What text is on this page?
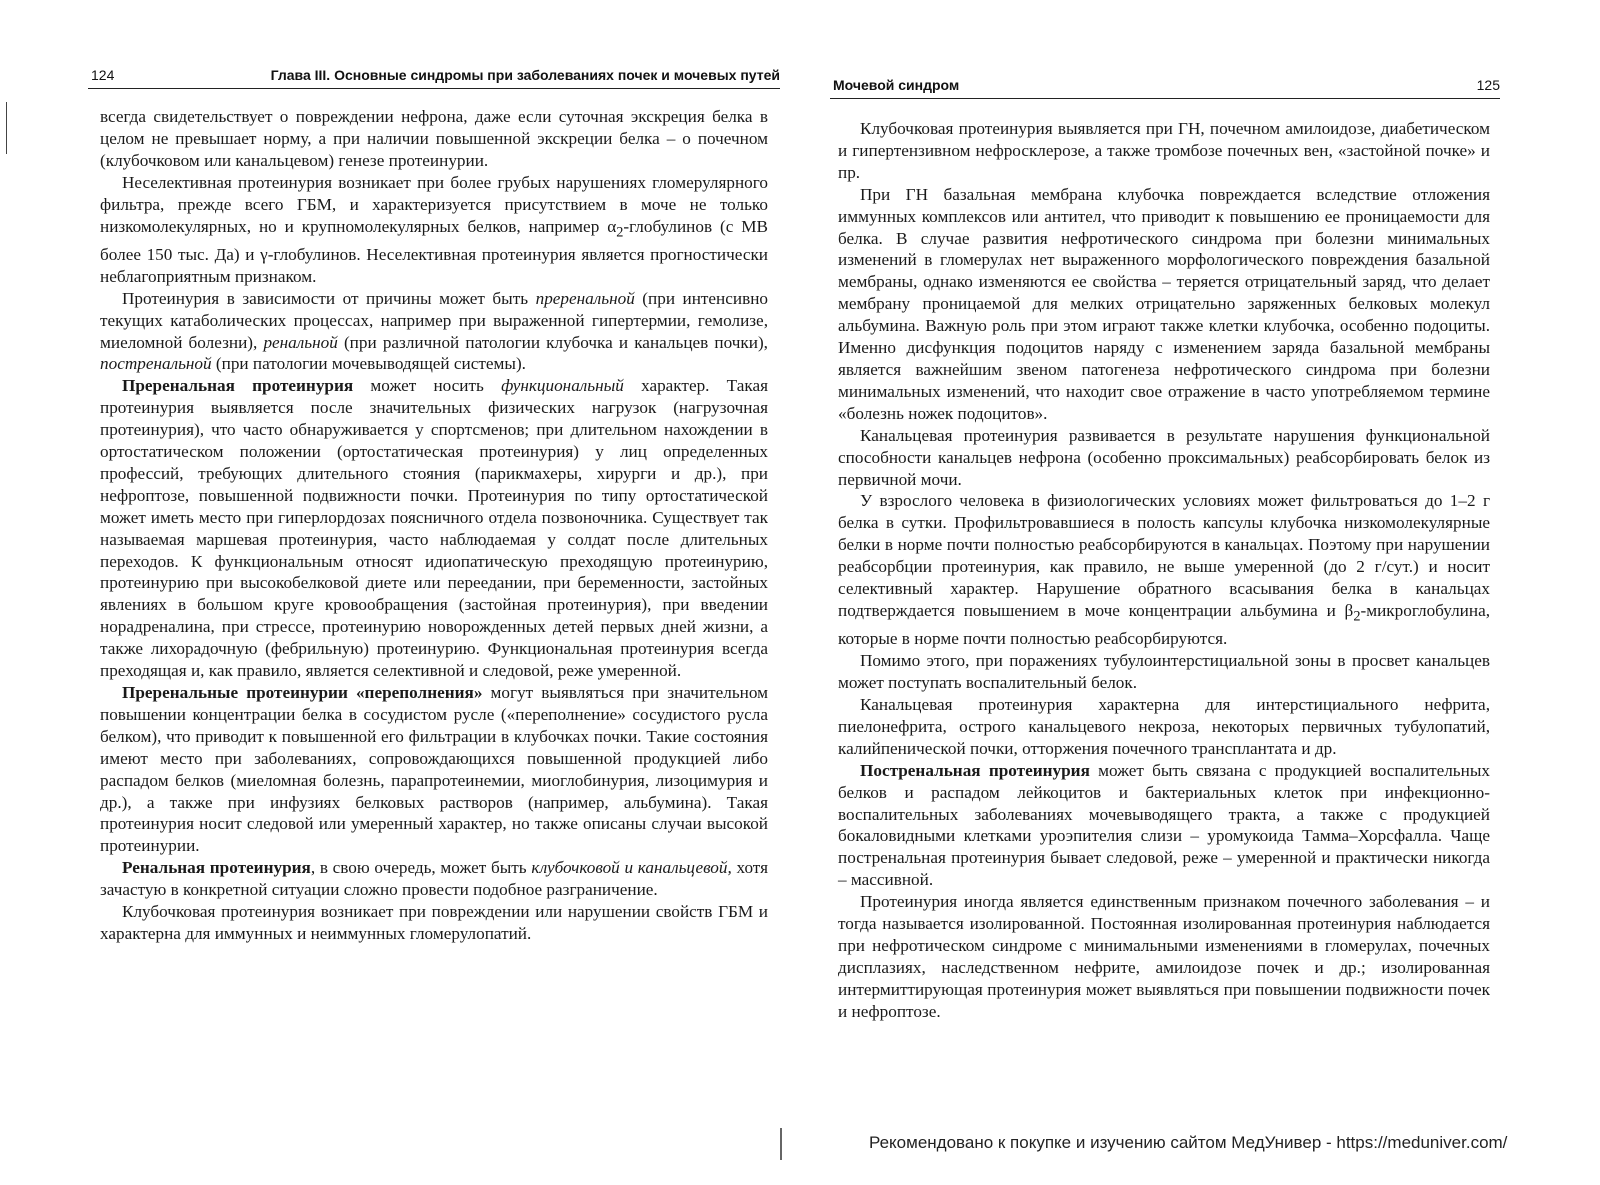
124	Глава III. Основные синдромы при заболеваниях почек и мочевых путей

всегда свидетельствует о повреждении нефрона, даже если суточная экскреция белка в целом не превышает норму, а при наличии повышенной экскреции белка – о почечном (клубочковом или канальцевом) генезе протеинурии.

Неселективная протеинурия возникает при более грубых нарушениях гломерулярного фильтра, прежде всего ГБМ, и характеризуется присутствием в моче не только низкомолекулярных, но и крупномолекулярных белков, например $\alpha_2$-глобулинов (с МВ более 150 тыс. Да) и γ-глобулинов. Неселективная протеинурия является прогностически неблагоприятным признаком.

Протеинурия в зависимости от причины может быть преренальной (при интенсивно текущих катаболических процессах, например при выраженной гипертермии, гемолизе, миеломной болезни), ренальной (при различной патологии клубочка и канальцев почки), постренальной (при патологии мочевыводящей системы).

Преренальная протеинурия может носить функциональный характер. Такая протеинурия выявляется после значительных физических нагрузок (нагрузочная протеинурия), что часто обнаруживается у спортсменов; при длительном нахождении в ортостатическом положении (ортостатическая протеинурия) у лиц определенных профессий, требующих длительного стояния (парикмахеры, хирурги и др.), при нефроптозе, повышенной подвижности почки. Протеинурия по типу ортостатической может иметь место при гиперлордозах поясничного отдела позвоночника. Существует так называемая маршевая протеинурия, часто наблюдаемая у солдат после длительных переходов. К функциональным относят идиопатическую преходящую протеинурию, протеинурию при высокобелковой диете или переедании, при беременности, застойных явлениях в большом круге кровообращения (застойная протеинурия), при введении норадреналина, при стрессе, протеинурию новорожденных детей первых дней жизни, а также лихорадочную (фебрильную) протеинурию. Функциональная протеинурия всегда преходящая и, как правило, является селективной и следовой, реже умеренной.

Преренальные протеинурии «переполнения» могут выявляться при значительном повышении концентрации белка в сосудистом русле («переполнение» сосудистого русла белком), что приводит к повышенной его фильтрации в клубочках почки. Такие состояния имеют место при заболеваниях, сопровождающихся повышенной продукцией либо распадом белков (миеломная болезнь, парапротеинемии, миоглобинурия, лизоцимурия и др.), а также при инфузиях белковых растворов (например, альбумина). Такая протеинурия носит следовой или умеренный характер, но также описаны случаи высокой протеинурии.

Ренальная протеинурия, в свою очередь, может быть клубочковой и канальцевой, хотя зачастую в конкретной ситуации сложно провести подобное разграничение.

Клубочковая протеинурия возникает при повреждении или нарушении свойств ГБМ и характерна для иммунных и неиммунных гломерулопатий.

Мочевой синдром	125

Клубочковая протеинурия выявляется при ГН, почечном амилоидозе, диабетическом и гипертензивном нефросклерозе, а также тромбозе почечных вен, «застойной почке» и пр.

При ГН базальная мембрана клубочка повреждается вследствие отложения иммунных комплексов или антител, что приводит к повышению ее проницаемости для белка. В случае развития нефротического синдрома при болезни минимальных изменений в гломерулах нет выраженного морфологического повреждения базальной мембраны, однако изменяются ее свойства – теряется отрицательный заряд, что делает мембрану проницаемой для мелких отрицательно заряженных белковых молекул альбумина. Важную роль при этом играют также клетки клубочка, особенно подоциты. Именно дисфункция подоцитов наряду с изменением заряда базальной мембраны является важнейшим звеном патогенеза нефротического синдрома при болезни минимальных изменений, что находит свое отражение в часто употребляемом термине «болезнь ножек подоцитов».

Канальцевая протеинурия развивается в результате нарушения функциональной способности канальцев нефрона (особенно проксимальных) реабсорбировать белок из первичной мочи.

У взрослого человека в физиологических условиях может фильтроваться до 1–2 г белка в сутки. Профильтровавшиеся в полость капсулы клубочка низкомолекулярные белки в норме почти полностью реабсорбируются в канальцах. Поэтому при нарушении реабсорбции протеинурия, как правило, не выше умеренной (до 2 г/сут.) и носит селективный характер. Нарушение обратного всасывания белка в канальцах подтверждается повышением в моче концентрации альбумина и $\beta_2$-микроглобулина, которые в норме почти полностью реабсорбируются.

Помимо этого, при поражениях тубулоинтерстициальной зоны в просвет канальцев может поступать воспалительный белок.

Канальцевая протеинурия характерна для интерстициального нефрита, пиелонефрита, острого канальцевого некроза, некоторых первичных тубулопатий, калийпенической почки, отторжения почечного трансплантата и др.

Постренальная протеинурия может быть связана с продукцией воспалительных белков и распадом лейкоцитов и бактериальных клеток при инфекционно-воспалительных заболеваниях мочевыводящего тракта, а также с продукцией бокаловидными клетками уроэпителия слизи – уромукоида Тамма–Хорсфалла. Чаще постренальная протеинурия бывает следовой, реже – умеренной и практически никогда – массивной.

Протеинурия иногда является единственным признаком почечного заболевания – и тогда называется изолированной. Постоянная изолированная протеинурия наблюдается при нефротическом синдроме с минимальными изменениями в гломерулах, почечных дисплазиях, наследственном нефрите, амилоидозе почек и др.; изолированная интермиттирующая протеинурия может выявляться при повышении подвижности почек и нефроптозе.

Рекомендовано к покупке и изучению сайтом МедУнивер - https://meduniver.com/
